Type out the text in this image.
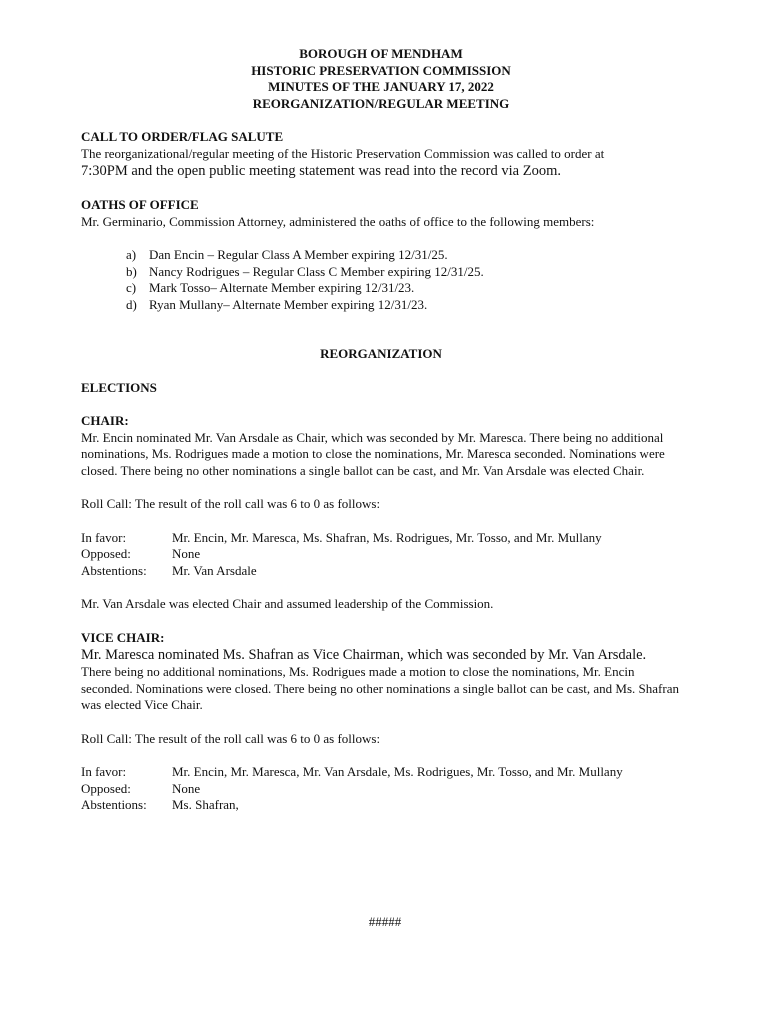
BOROUGH OF MENDHAM
HISTORIC PRESERVATION COMMISSION
MINUTES OF THE JANUARY 17, 2022
REORGANIZATION/REGULAR MEETING
CALL TO ORDER/FLAG SALUTE
The reorganizational/regular meeting of the Historic Preservation Commission was called to order at
7:30PM and the open public meeting statement was read into the record via Zoom.
OATHS OF OFFICE
Mr. Germinario, Commission Attorney, administered the oaths of office to the following members:
a) Dan Encin – Regular Class A Member expiring 12/31/25.
b) Nancy Rodrigues – Regular Class C Member expiring 12/31/25.
c) Mark Tosso– Alternate Member expiring 12/31/23.
d) Ryan Mullany– Alternate Member expiring 12/31/23.
REORGANIZATION
ELECTIONS
CHAIR:
Mr. Encin nominated Mr. Van Arsdale as Chair, which was seconded by Mr. Maresca. There being no additional nominations, Ms. Rodrigues made a motion to close the nominations, Mr. Maresca seconded. Nominations were closed. There being no other nominations a single ballot can be cast, and Mr. Van Arsdale was elected Chair.
Roll Call: The result of the roll call was 6 to 0 as follows:
In favor:	Mr. Encin, Mr. Maresca, Ms. Shafran, Ms. Rodrigues, Mr. Tosso, and Mr. Mullany
Opposed:	None
Abstentions:	Mr. Van Arsdale
Mr. Van Arsdale was elected Chair and assumed leadership of the Commission.
VICE CHAIR:
Mr. Maresca nominated Ms. Shafran as Vice Chairman, which was seconded by Mr. Van Arsdale.
There being no additional nominations, Ms. Rodrigues made a motion to close the nominations, Mr. Encin seconded. Nominations were closed. There being no other nominations a single ballot can be cast, and Ms. Shafran was elected Vice Chair.
Roll Call: The result of the roll call was 6 to 0 as follows:
In favor:	Mr. Encin, Mr. Maresca, Mr. Van Arsdale, Ms. Rodrigues, Mr. Tosso, and Mr. Mullany
Opposed:	None
Abstentions:	Ms. Shafran,
#####
